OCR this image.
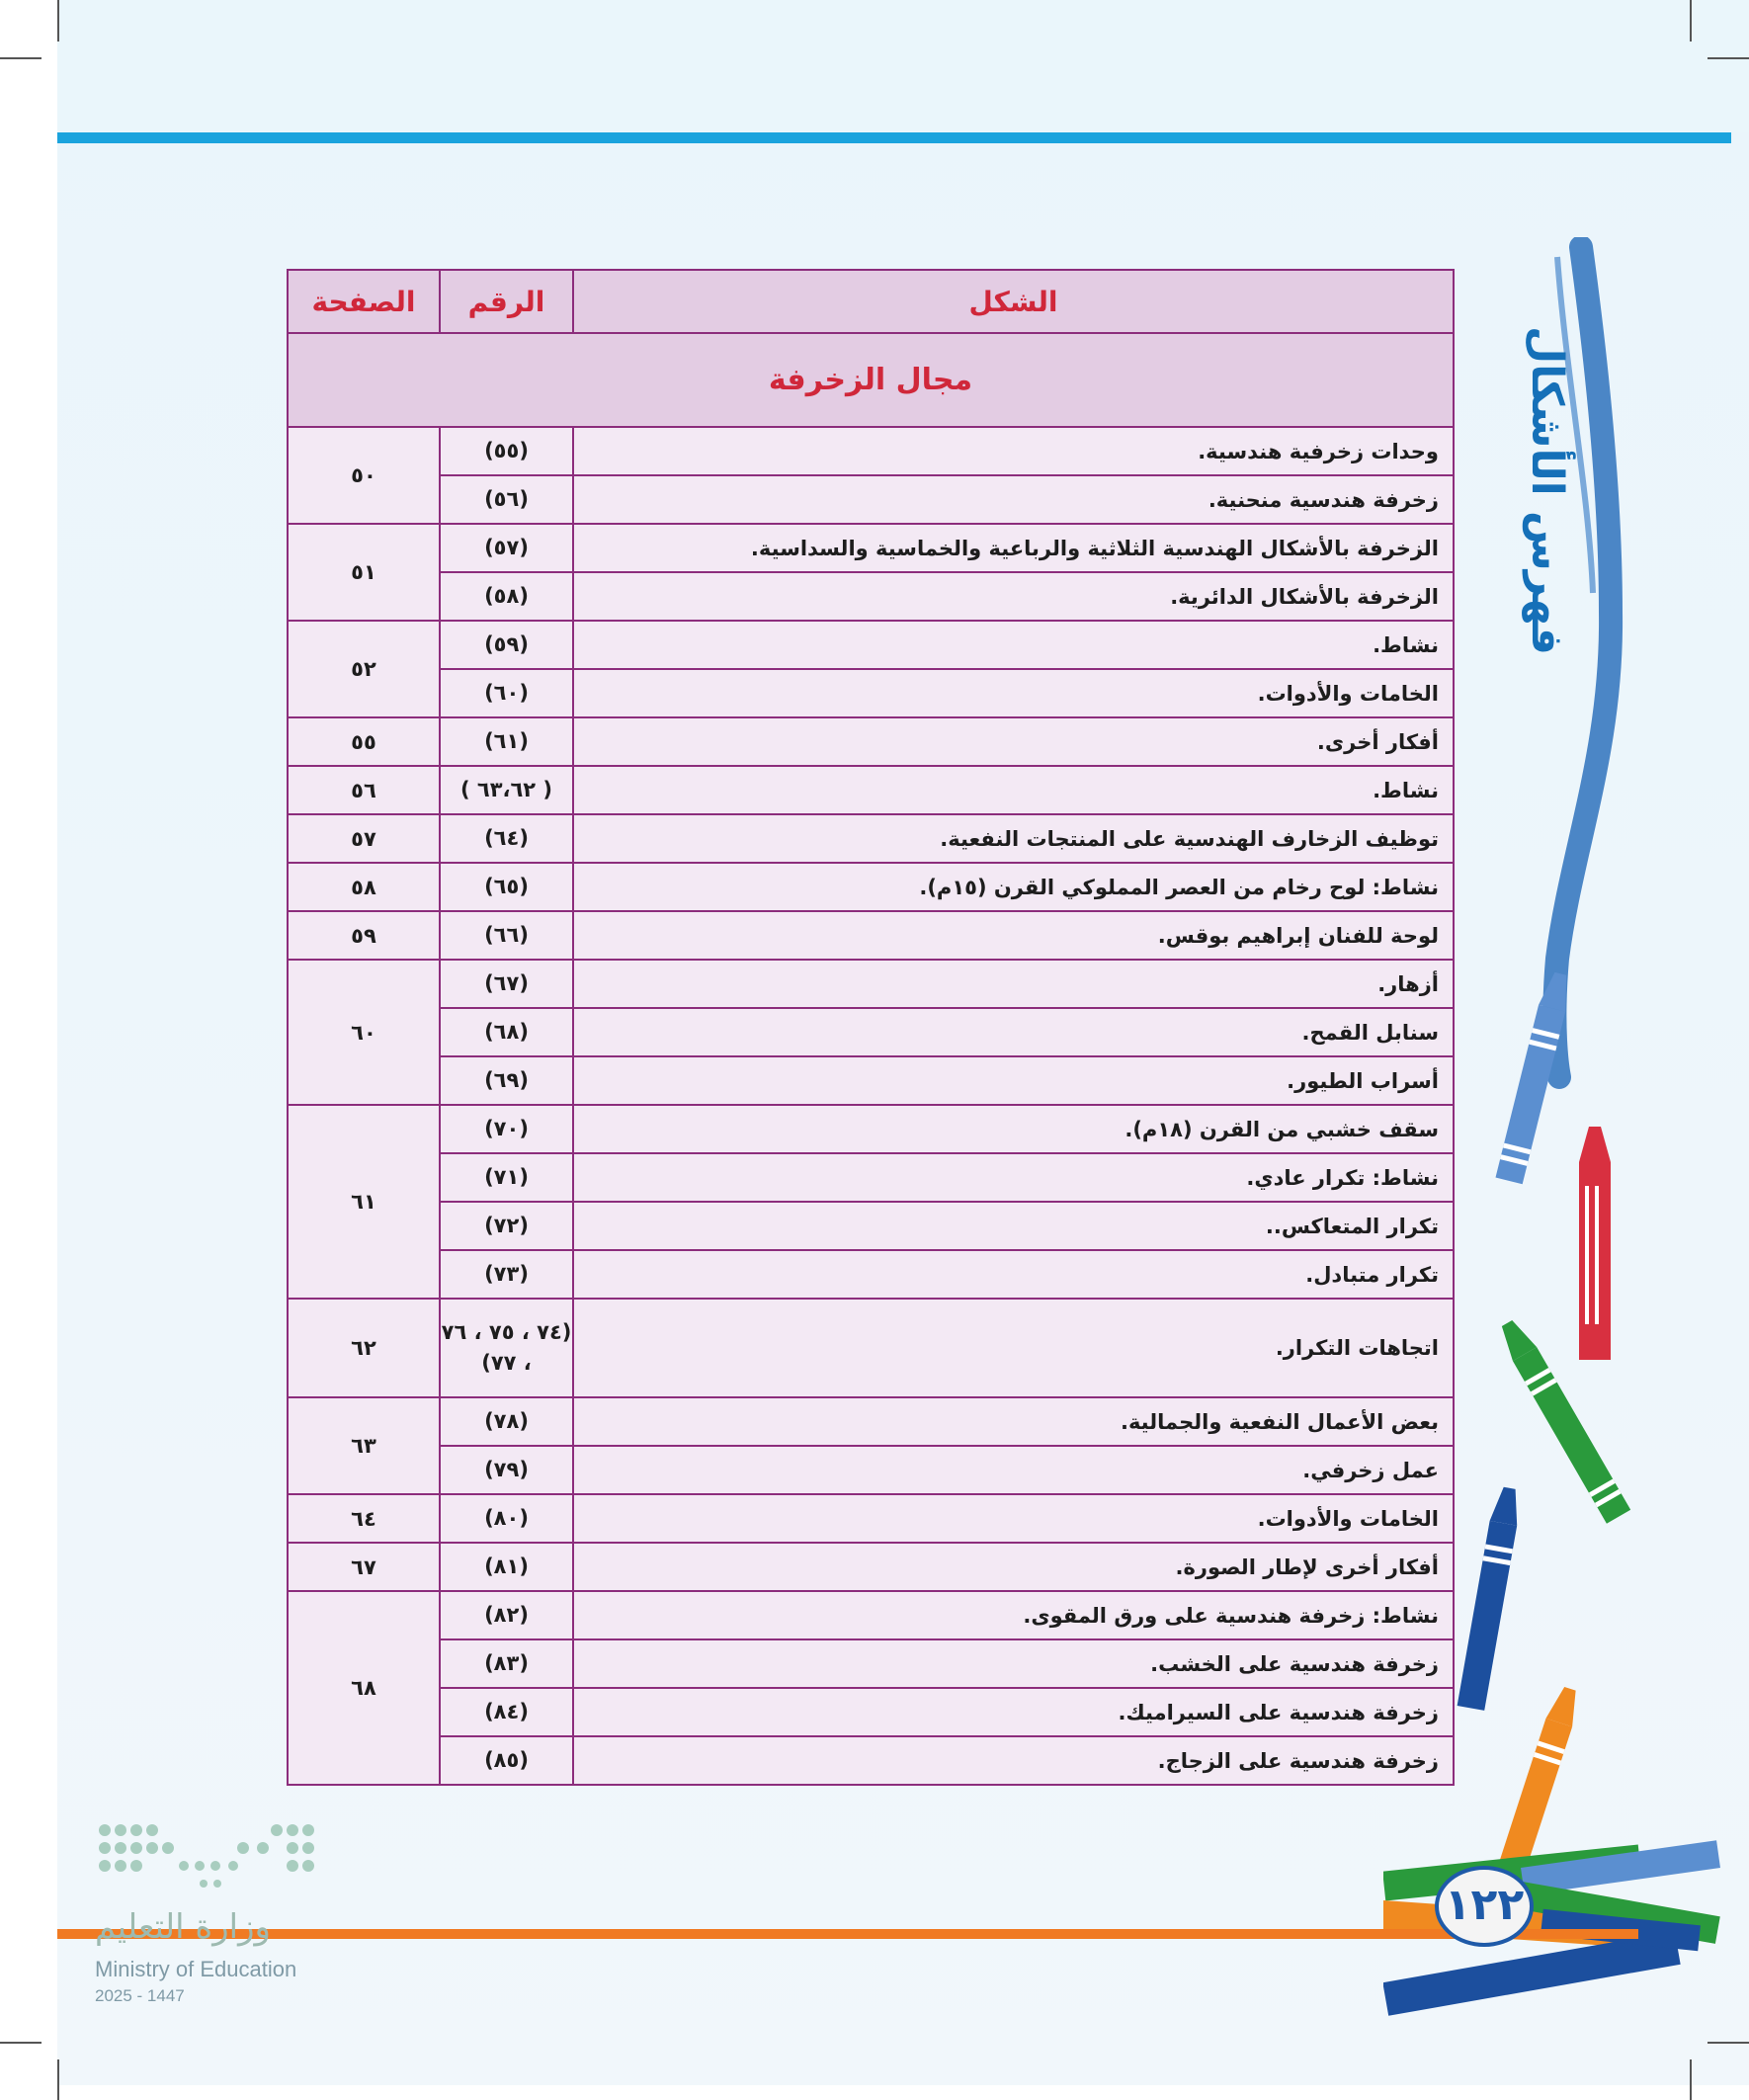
فهرس الأشكال
١٢٢
وزارة التعليم
Ministry of Education
2025 - 1447
الصفحة	الرقم	الشكل
مجال الزخرفة		
٥٠	(٥٥)	وحدات زخرفية هندسية.
	(٥٦)	زخرفة هندسية منحنية.
٥١	(٥٧)	الزخرفة بالأشكال الهندسية الثلاثية والرباعية والخماسية والسداسية.
	(٥٨)	الزخرفة بالأشكال الدائرية.
٥٢	(٥٩)	نشاط.
	(٦٠)	الخامات والأدوات.
٥٥	(٦١)	أفكار أخرى.
٥٦	( ٦٣،٦٢ )	نشاط.
٥٧	(٦٤)	توظيف الزخارف الهندسية على المنتجات النفعية.
٥٨	(٦٥)	نشاط: لوح رخام من العصر المملوكي القرن (١٥م).
٥٩	(٦٦)	لوحة للفنان إبراهيم بوقس.
٦٠	(٦٧)	أزهار.
	(٦٨)	سنابل القمح.
	(٦٩)	أسراب الطيور.
٦١	(٧٠)	سقف خشبي من القرن (١٨م).
	(٧١)	نشاط: تكرار عادي.
	(٧٢)	تكرار المتعاكس..
	(٧٣)	تكرار متبادل.
٦٢	(٧٤ ، ٧٥ ، ٧٦ ، ٧٧)	اتجاهات التكرار.
٦٣	(٧٨)	بعض الأعمال النفعية والجمالية.
	(٧٩)	عمل زخرفي.
٦٤	(٨٠)	الخامات والأدوات.
٦٧	(٨١)	أفكار أخرى لإطار الصورة.
٦٨	(٨٢)	نشاط: زخرفة هندسية على ورق المقوى.
	(٨٣)	زخرفة هندسية على الخشب.
	(٨٤)	زخرفة هندسية على السيراميك.
	(٨٥)	زخرفة هندسية على الزجاج.
